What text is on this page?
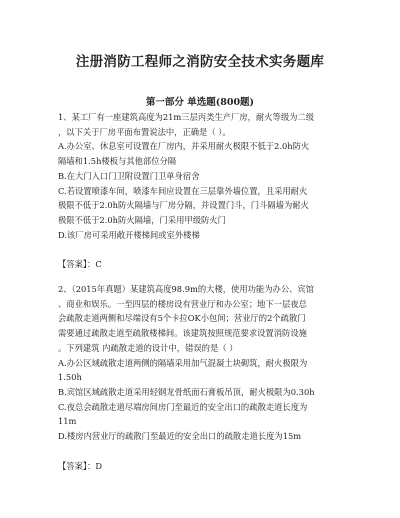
注册消防工程师之消防安全技术实务题库
第一部分 单选题(800题)
1、某工厂有一座建筑高度为21m三层丙类生产厂房，耐火等级为二级
，以下关于厂房平面布置说法中，正确是（ ）。
A.办公室、休息室可设置在厂房内，并采用耐火极限不低于2.0h防火
隔墙和1.5h楼板与其他部位分隔
B.在大门入口门卫附设置门卫单身宿舍
C.若设置喷漆车间，喷漆车间应设置在三层靠外墙位置，且采用耐火
极限不低于2.0h防火隔墙与厂房分隔，并设置门斗，门斗隔墙为耐火
极限不低于2.0h防火隔墙，门采用甲级防火门
D.该厂房可采用敞开楼梯间或室外楼梯
【答案】：C
2、（2015年真题）某建筑高度98.9m的大楼，使用功能为办公、宾馆
、商业和娱乐。一至四层的楼房设有营业厅和办公室；地下一层夜总
会疏散走道两侧和尽端设有5个卡拉OK小包间；营业厅的2个疏散门
需要通过疏散走道至疏散楼梯间。该建筑按照规范要求设置消防设施
。下列建筑 内疏散走道的设计中，错误的是（ ）
A.办公区域疏散走道两侧的隔墙采用加气混凝土块砌筑，耐火极限为
1.50h
B.宾馆区域疏散走道采用轻钢龙骨纸面石膏板吊顶，耐火极限为0.30h
C.夜总会疏散走道尽端房间房门至最近的安全出口的疏散走道长度为
11m
D.楼房内营业厅的疏散门至最近的安全出口的疏散走道长度为15m
【答案】：D
